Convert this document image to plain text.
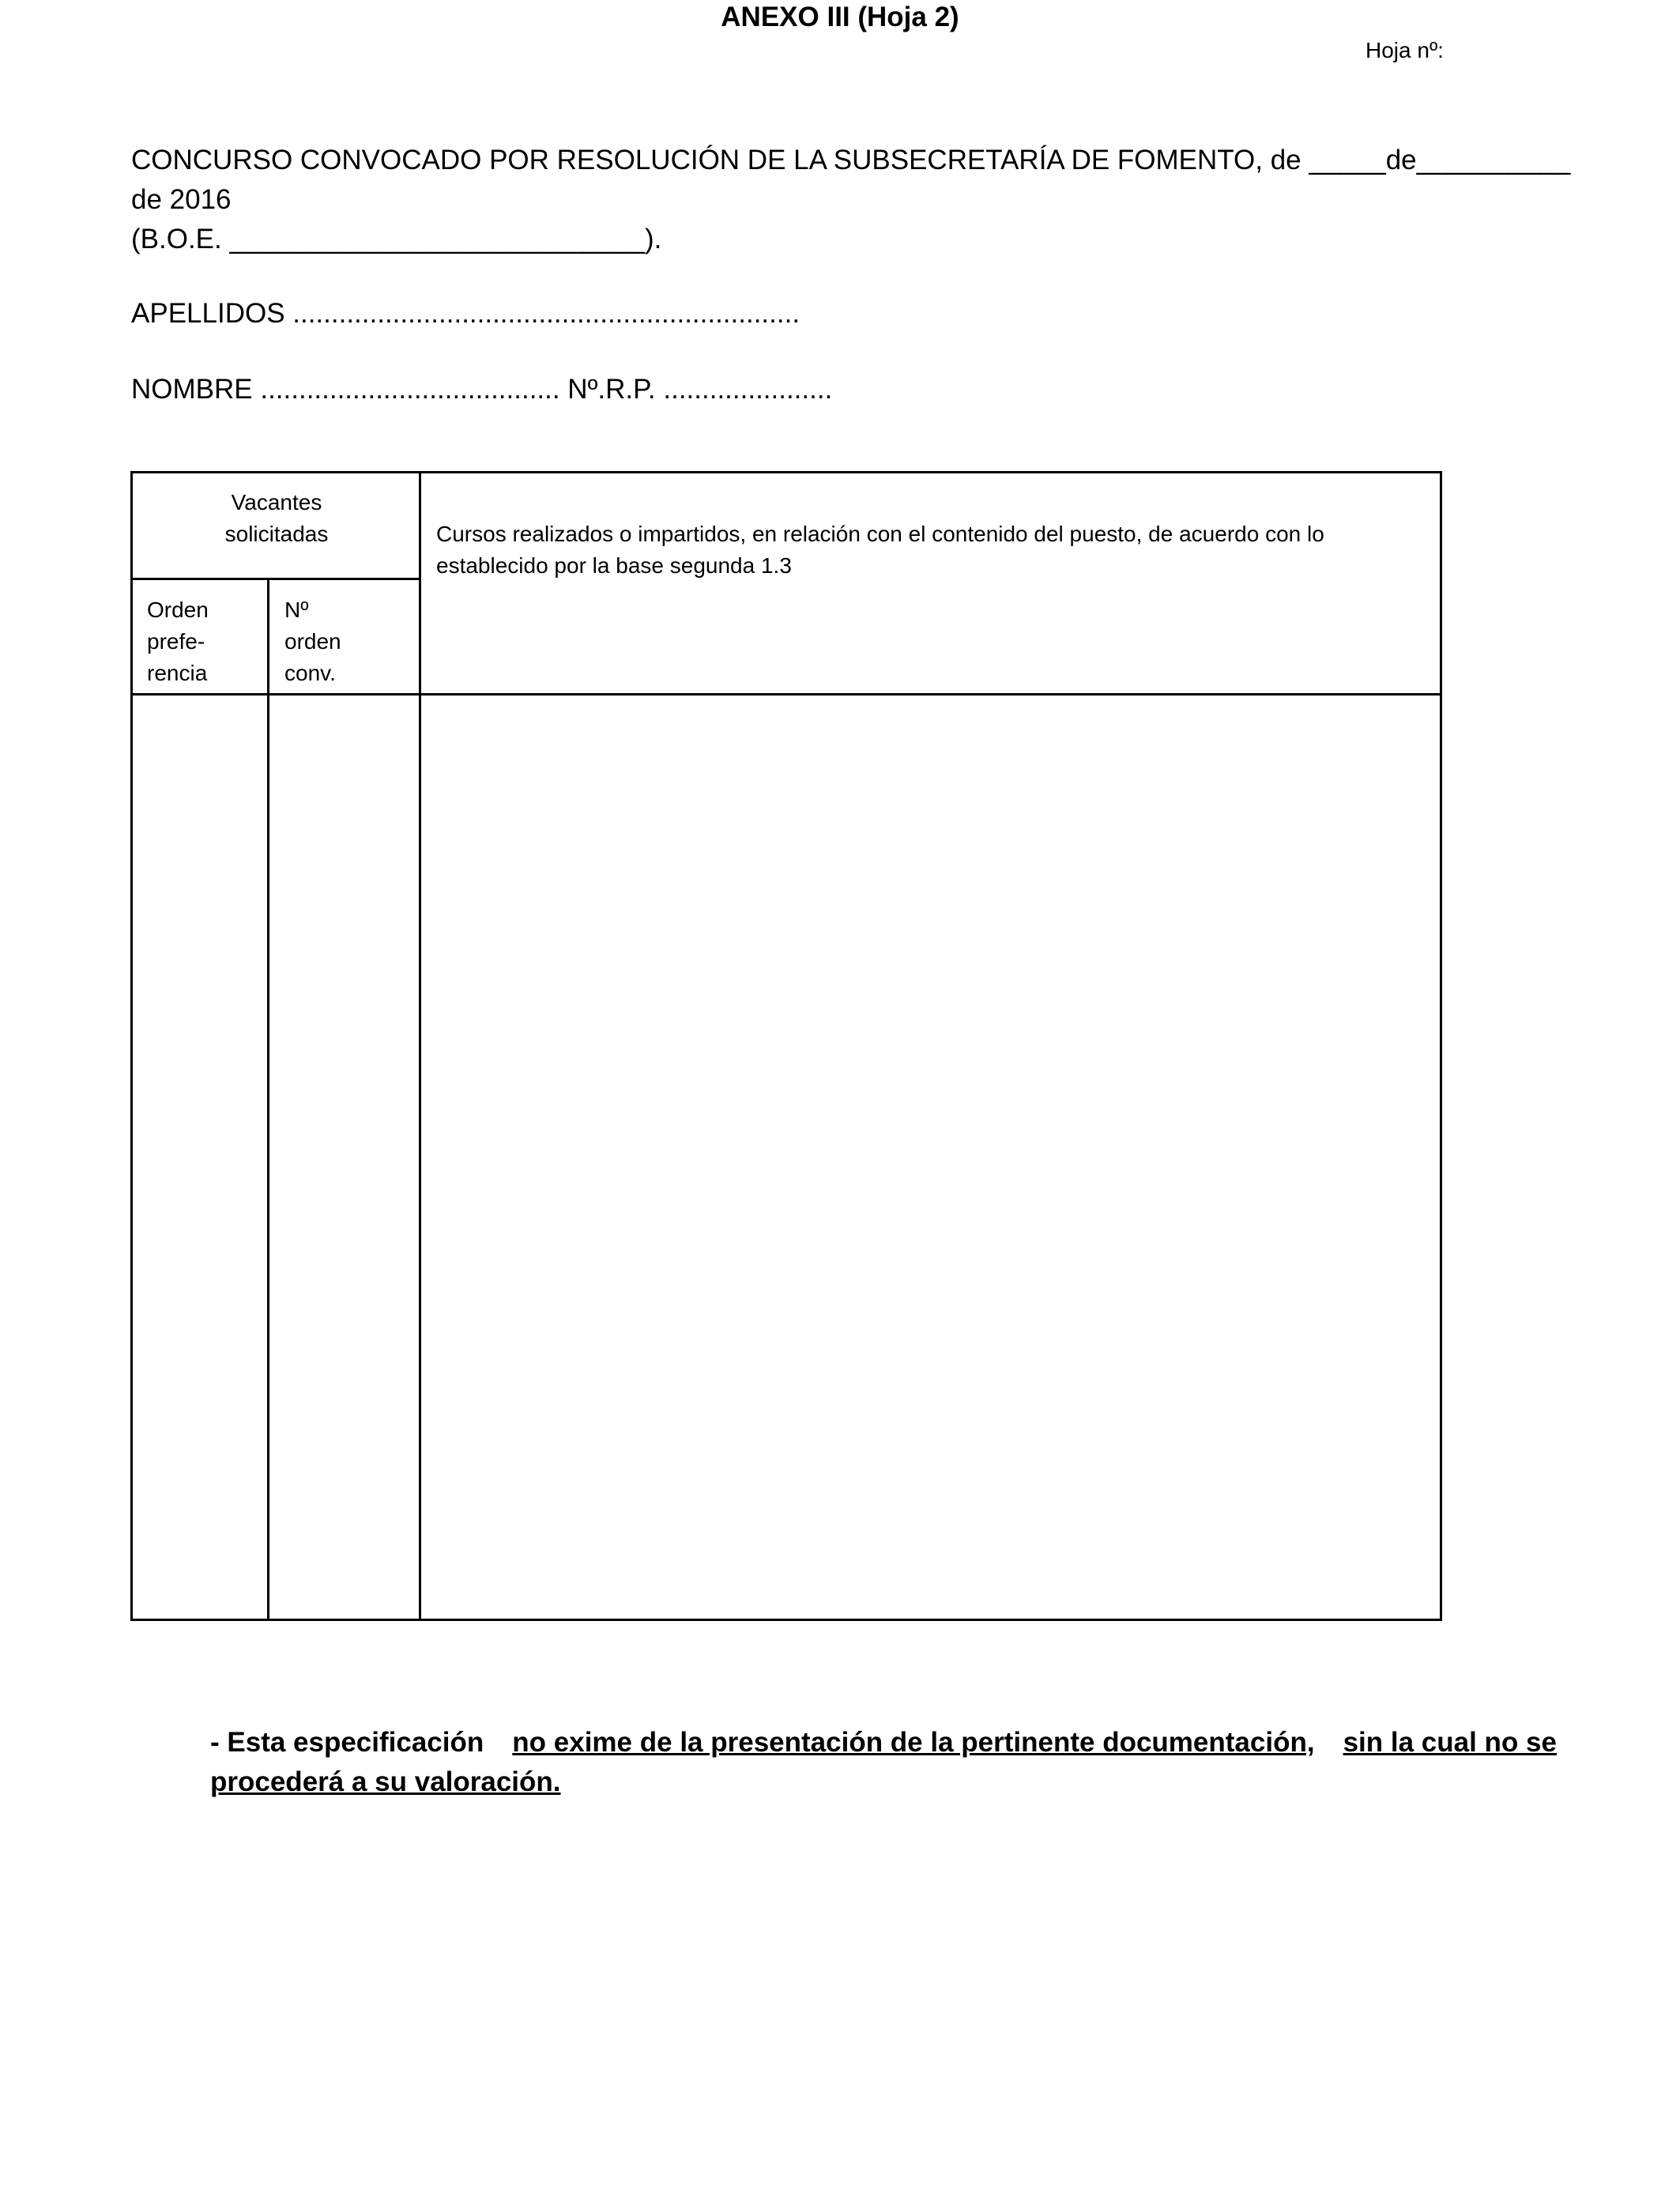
ANEXO III (Hoja 2)
Hoja nº:
CONCURSO CONVOCADO POR RESOLUCIÓN DE LA SUBSECRETARÍA DE FOMENTO, de _____de__________
de 2016
(B.O.E. ___________________________).
APELLIDOS ..................................................................
NOMBRE ....................................... Nº.R.P. ......................
Vacantes
solicitadas	Cursos realizados o impartidos, en relación con el contenido del puesto, de acuerdo con lo
establecido por la base segunda 1.3
Orden
prefe-
rencia
Nº
orden
conv.
- Esta especificación no exime de la presentación de la pertinente documentación, sin la cual no se
procederá a su valoración.
